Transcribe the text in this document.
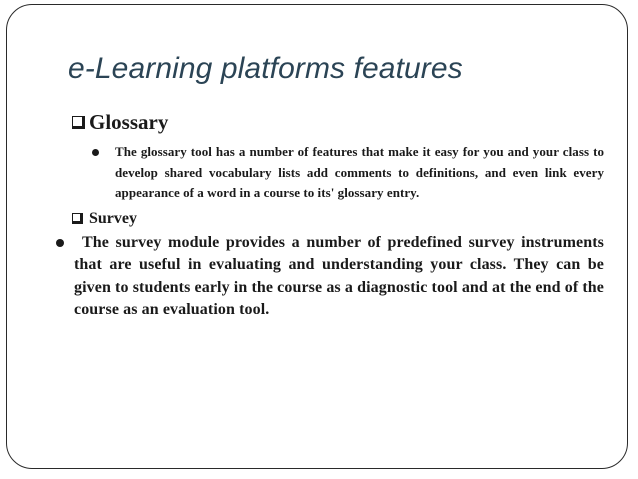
e-Learning platforms features
Glossary
The glossary tool has a number of features that make it easy for you and your class to develop shared vocabulary lists add comments to definitions, and even link every appearance of a word in a course to its' glossary entry.
Survey
The survey module provides a number of predefined survey instruments that are useful in evaluating and understanding your class. They can be given to students early in the course as a diagnostic tool and at the end of the course as an evaluation tool.
